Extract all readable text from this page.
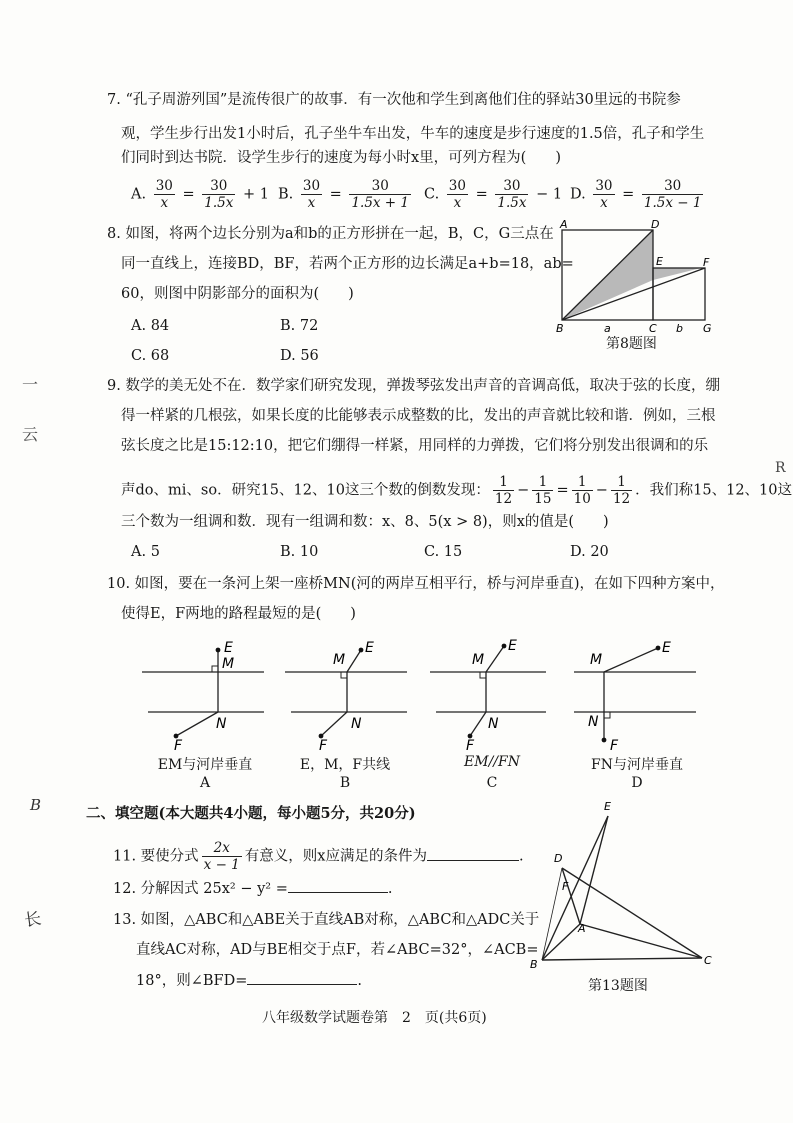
一
云
B
长
R
7. “孔子周游列国”是流传很广的故事．有一次他和学生到离他们住的驿站30里远的书院参
观，学生步行出发1小时后，孔子坐牛车出发，牛车的速度是步行速度的1.5倍，孔子和学生
们同时到达书院．设学生步行的速度为每小时x里，可列方程为(　　)
A. $\frac{30}{x} = \frac{30}{1.5x} + 1$ B. $\frac{30}{x} = \frac{30}{1.5x + 1} C$. $\frac{30}{x} = \frac{30}{1.5x} - 1$ D. $\frac{30}{x} = \frac{30}{1.5x - 1}$
8. 如图，将两个边长分别为a和b的正方形拼在一起，B，C，G三点在
同一直线上，连接BD，BF，若两个正方形的边长满足a+b=18，ab=
60，则图中阴影部分的面积为(　　)
A. 84	B. 72
C. 68	D. 56
A	D
E	F
B	C	G
a	b
第8题图
9. 数学的美无处不在．数学家们研究发现，弹拨琴弦发出声音的音调高低，取决于弦的长度，绷
得一样紧的几根弦，如果长度的比能够表示成整数的比，发出的声音就比较和谐．例如，三根
弦长度之比是15:12:10，把它们绷得一样紧，用同样的力弹拨，它们将分别发出很调和的乐
声do、mi、so．研究15、12、10这三个数的倒数发现： $\frac{1}{12} - \frac{1}{15} = \frac{1}{10} - \frac{1}{12}$ ．我们称15、12、10这
三个数为一组调和数．现有一组调和数：x、8、5(x > 8)，则x的值是(　　)
A. 5	B. 10	C. 15	D. 20
10. 如图，要在一条河上架一座桥MN(河的两岸互相平行，桥与河岸垂直)，在如下四种方案中，
使得E，F两地的路程最短的是(　　)
E
M
N
F
E
M
N
F
E
M
N
F
E
M
N
F
EM与河岸垂直	E，M，F共线	EM//FN	FN与河岸垂直
A	B	C	D
二、填空题(本大题共4小题，每小题5分，共20分)
11. 要使分式 $\frac{2x}{x - 1}$ 有意义，则x应满足的条件为	.
12. 分解因式 25x² − y² =	.
13. 如图，△ABC和△ABE关于直线AB对称，△ABC和△ADC关于
直线AC对称，AD与BE相交于点F，若∠ABC=32°，∠ACB=
18°，则∠BFD=	.
E
D
F
A
B	C
第13题图
八年级数学试题卷第　2　页(共6页)
